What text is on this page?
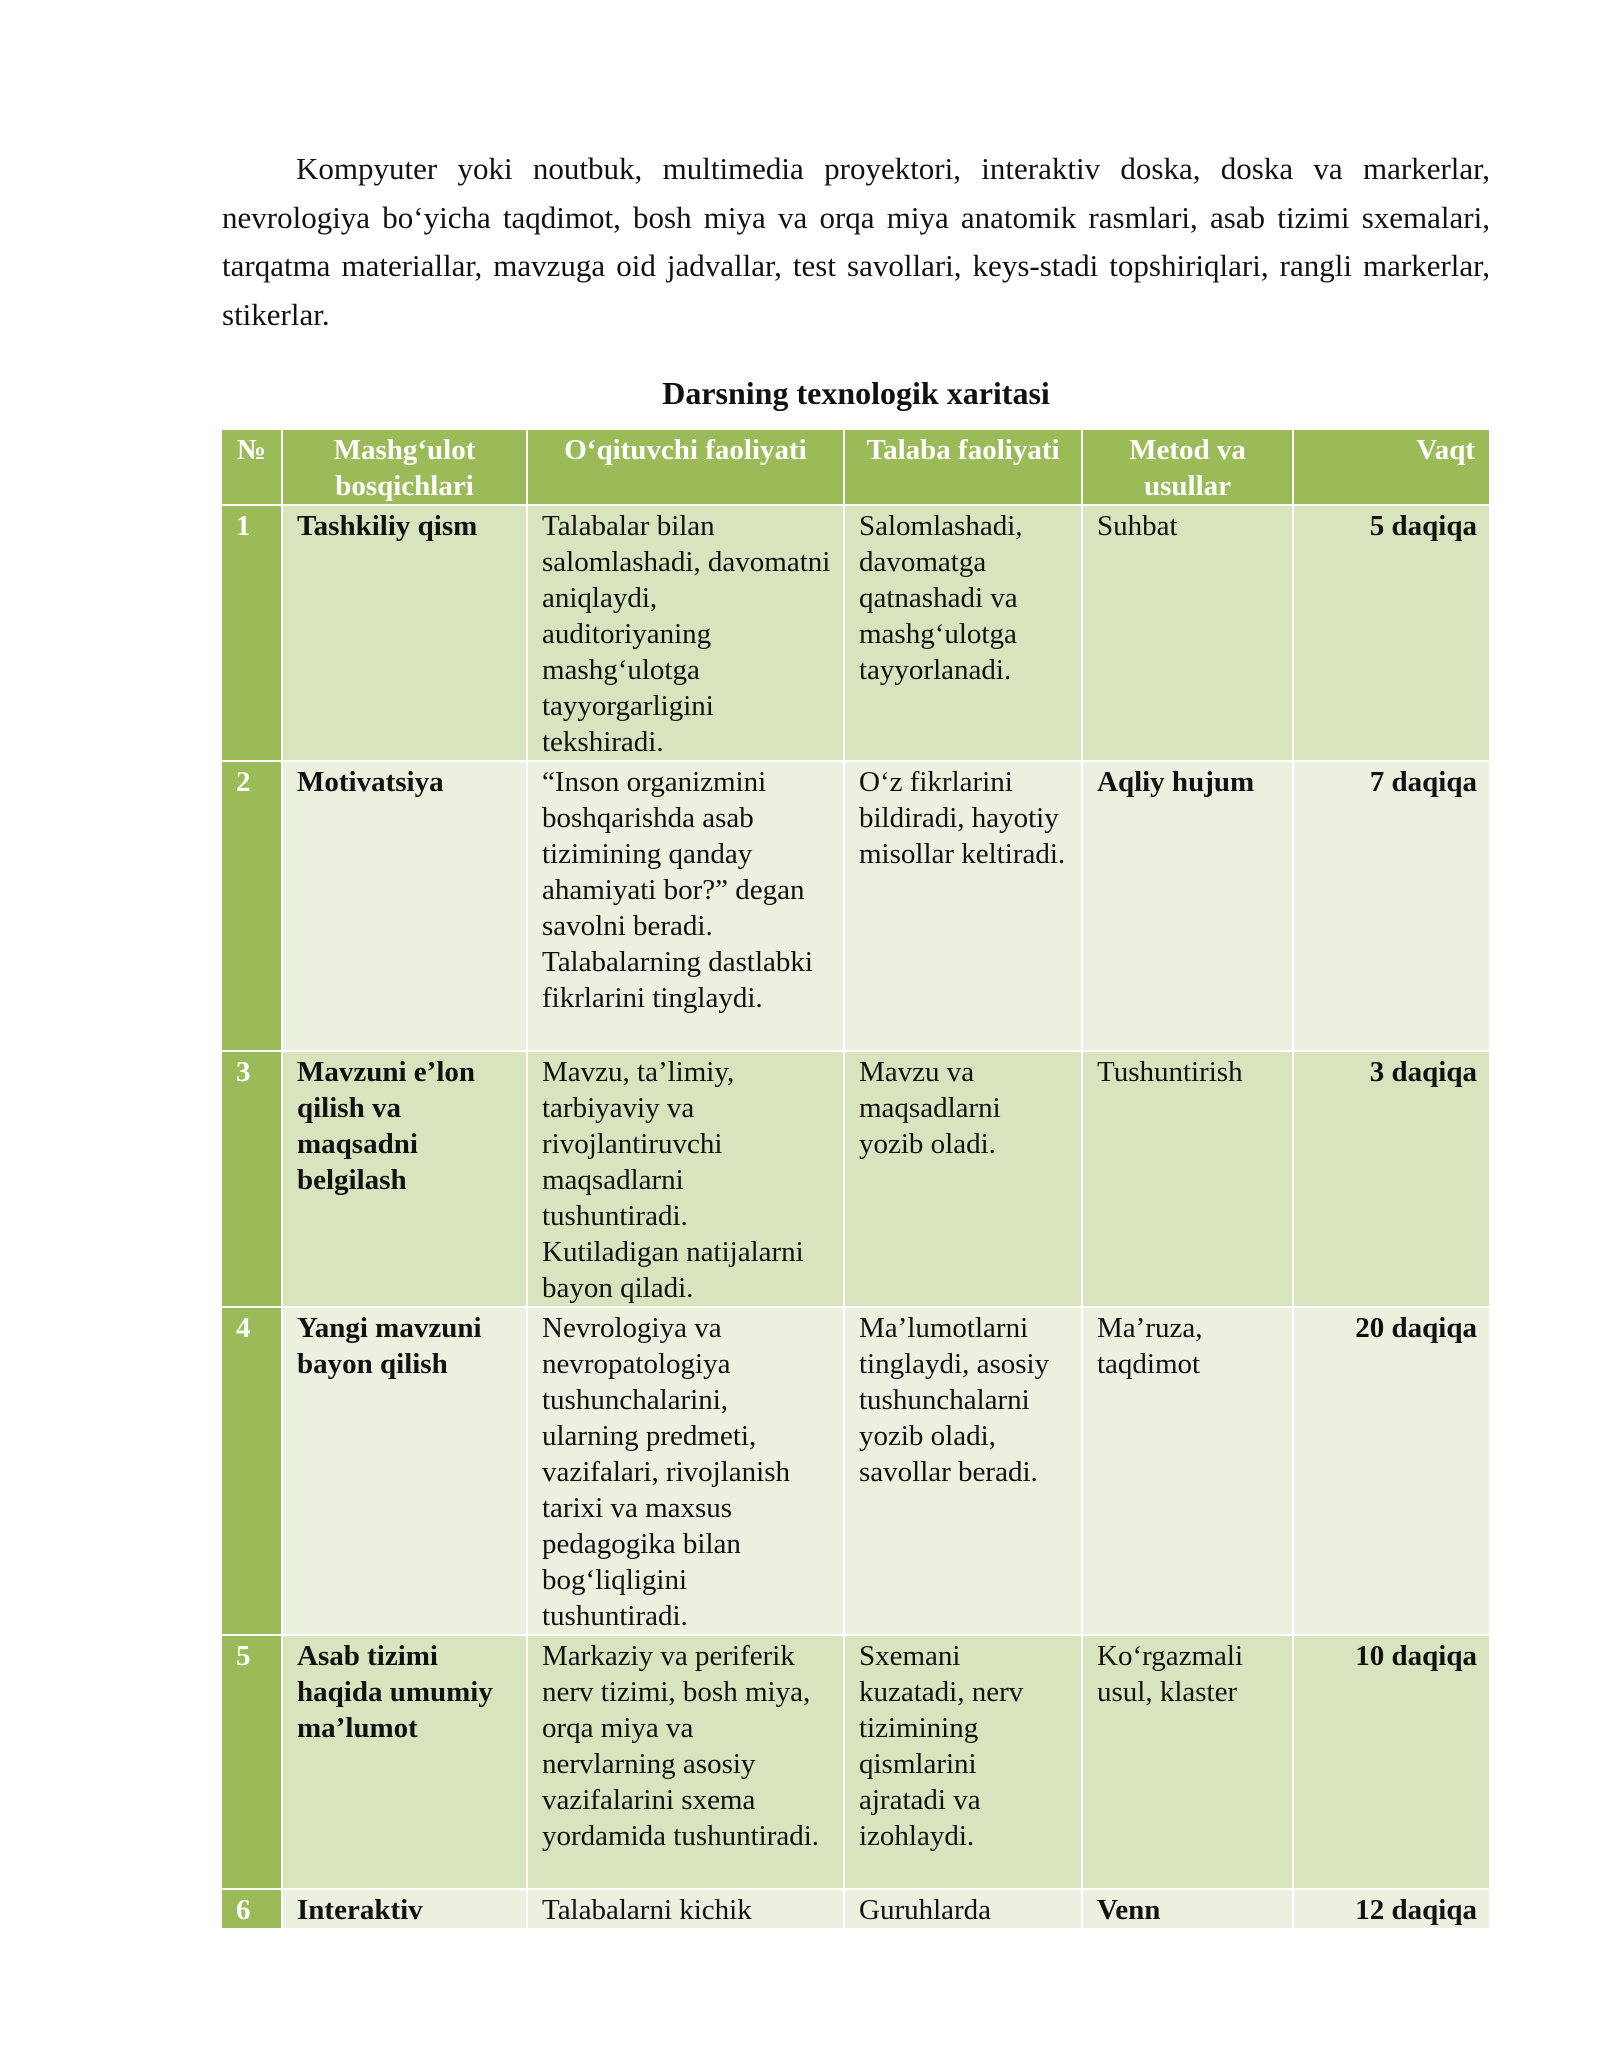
Kompyuter yoki noutbuk, multimedia proyektori, interaktiv doska, doska va markerlar, nevrologiya bo‘yicha taqdimot, bosh miya va orqa miya anatomik rasmlari, asab tizimi sxemalari, tarqatma materiallar, mavzuga oid jadvallar, test savollari, keys-stadi topshiriqlari, rangli markerlar, stikerlar.

Darsning texnologik xaritasi
№	Mashg‘ulot bosqichlari	O‘qituvchi faoliyati	Talaba faoliyati	Metod va usullar	Vaqt
1	Tashkiliy qism	Talabalar bilan salomlashadi, davomatni aniqlaydi, auditoriyaning mashg‘ulotga tayyorgarligini tekshiradi.	Salomlashadi, davomatga qatnashadi va mashg‘ulotga tayyorlanadi.	Suhbat	5 daqiqa
2	Motivatsiya	“Inson organizmini boshqarishda asab tizimining qanday ahamiyati bor?” degan savolni beradi. Talabalarning dastlabki fikrlarini tinglaydi.	O‘z fikrlarini bildiradi, hayotiy misollar keltiradi.	Aqliy hujum	7 daqiqa
3	Mavzuni e’lon qilish va maqsadni belgilash	Mavzu, ta’limiy, tarbiyaviy va rivojlantiruvchi maqsadlarni tushuntiradi. Kutiladigan natijalarni bayon qiladi.	Mavzu va maqsadlarni yozib oladi.	Tushuntirish	3 daqiqa
4	Yangi mavzuni bayon qilish	Nevrologiya va nevropatologiya tushunchalarini, ularning predmeti, vazifalari, rivojlanish tarixi va maxsus pedagogika bilan bog‘liqligini tushuntiradi.	Ma’lumotlarni tinglaydi, asosiy tushunchalarni yozib oladi, savollar beradi.	Ma’ruza, taqdimot	20 daqiqa
5	Asab tizimi haqida umumiy ma’lumot	Markaziy va periferik nerv tizimi, bosh miya, orqa miya va nervlarning asosiy vazifalarini sxema yordamida tushuntiradi.	Sxemani kuzatadi, nerv tizimining qismlarini ajratadi va izohlaydi.	Ko‘rgazmali usul, klaster	10 daqiqa
6	Interaktiv	Talabalarni kichik	Guruhlarda	Venn	12 daqiqa
